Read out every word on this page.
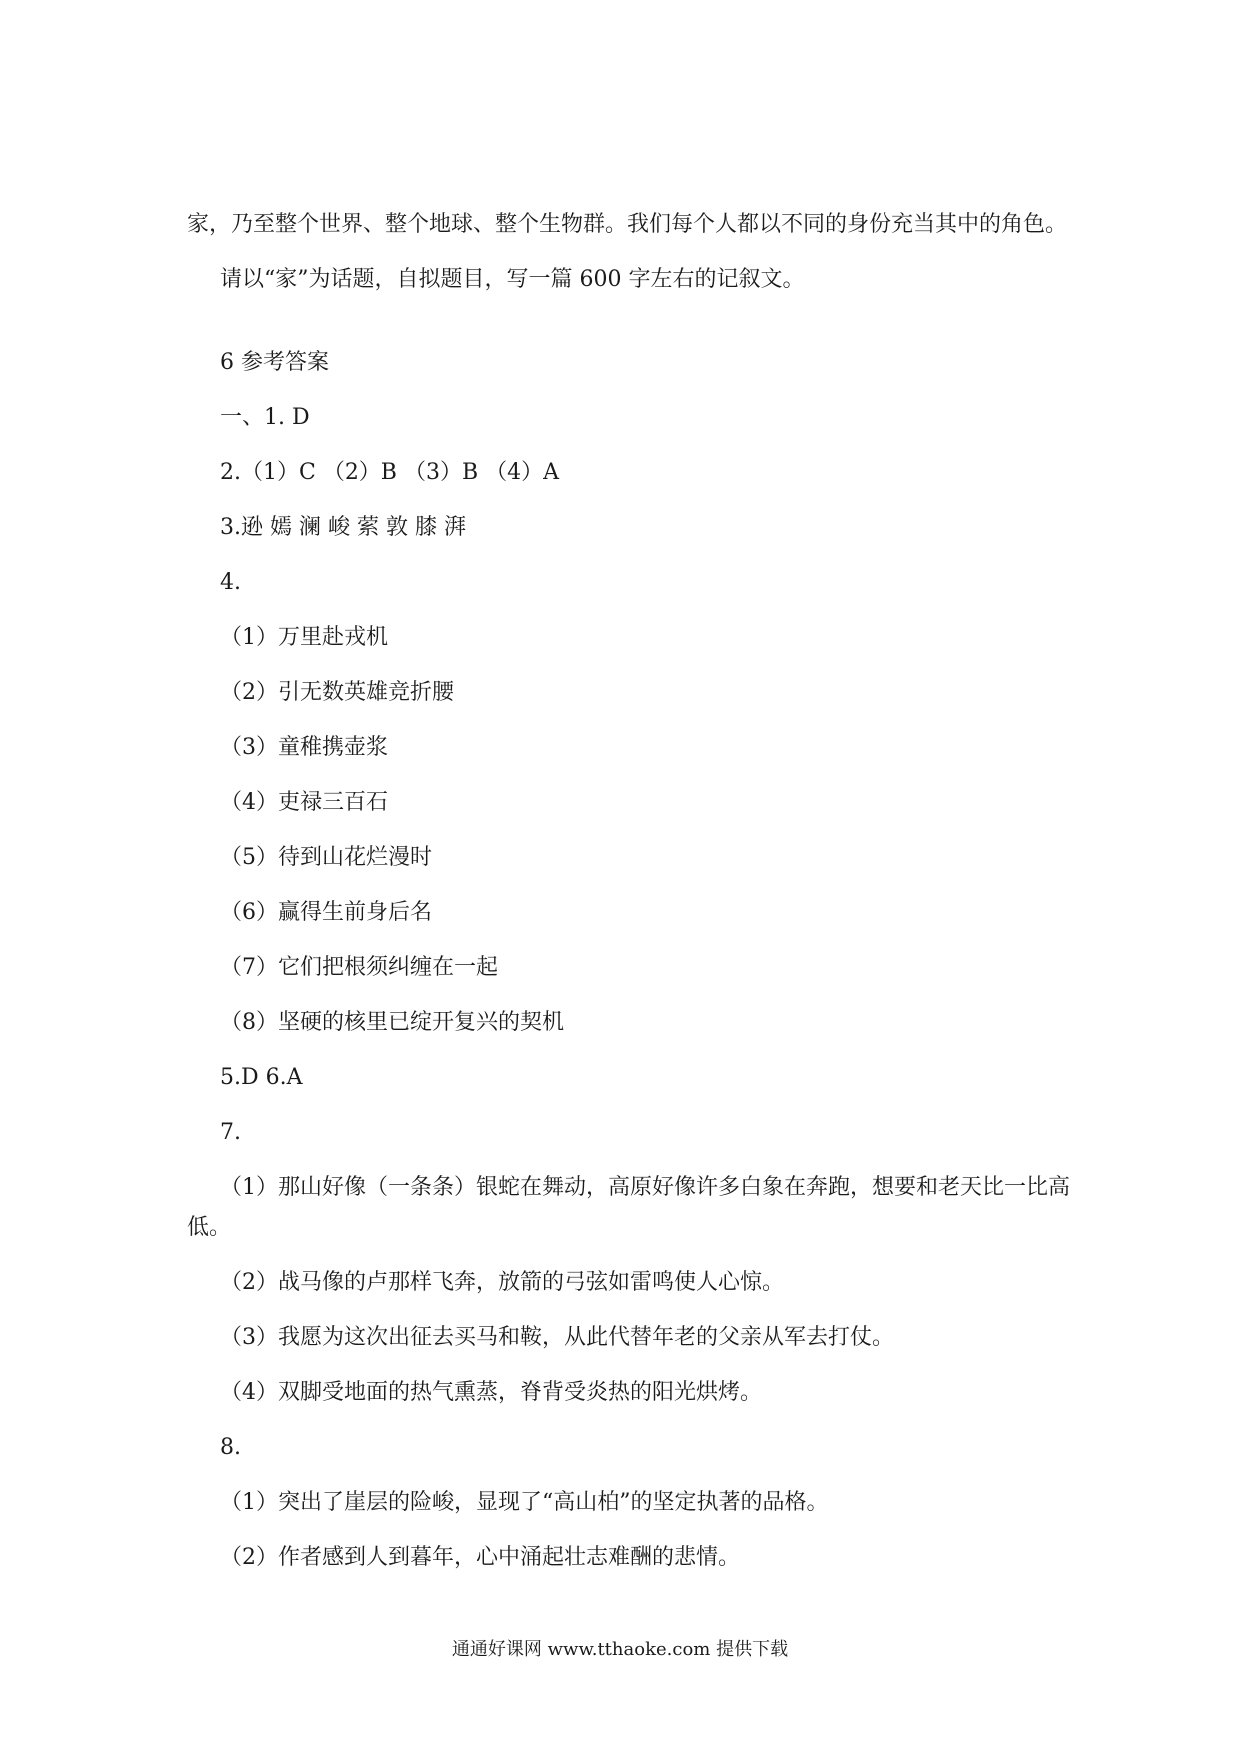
家，乃至整个世界、整个地球、整个生物群。我们每个人都以不同的身份充当其中的角色。
请以“家”为话题，自拟题目，写一篇 600 字左右的记叙文。
6 参考答案
一、1. D
2.（1）C （2）B （3）B （4）A
3.逊 嫣 澜 峻 萦 敦 膝 湃
4.
（1）万里赴戎机
（2）引无数英雄竞折腰
（3）童稚携壶浆
（4）吏禄三百石
（5）待到山花烂漫时
（6）赢得生前身后名
（7）它们把根须纠缠在一起
（8）坚硬的核里已绽开复兴的契机
5.D 6.A
7.
（1）那山好像（一条条）银蛇在舞动，高原好像许多白象在奔跑，想要和老天比一比高
低。
（2）战马像的卢那样飞奔，放箭的弓弦如雷鸣使人心惊。
（3）我愿为这次出征去买马和鞍，从此代替年老的父亲从军去打仗。
（4）双脚受地面的热气熏蒸，脊背受炎热的阳光烘烤。
8.
（1）突出了崖层的险峻，显现了“高山柏”的坚定执著的品格。
（2）作者感到人到暮年，心中涌起壮志难酬的悲情。
通通好课网 www.tthaoke.com 提供下载
